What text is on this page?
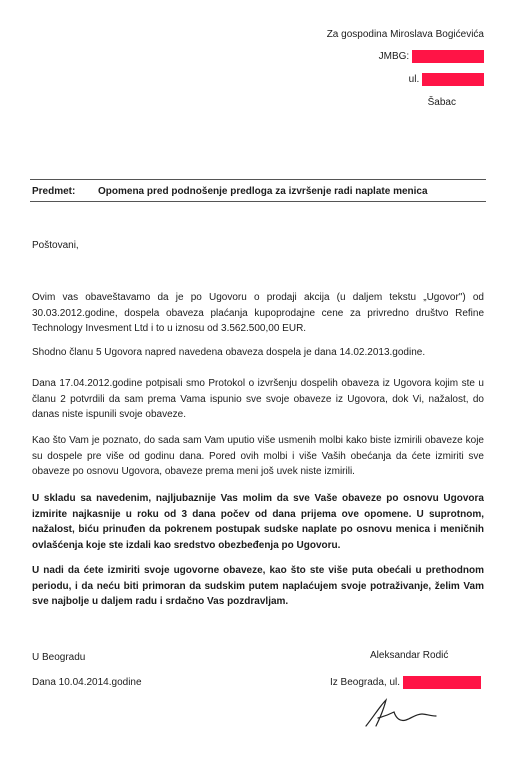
Za gospodina Miroslava Bogićevića
JMBG:
ul.
Šabac
Predmet: Opomena pred podnošenje predloga za izvršenje radi naplate menica
Poštovani,
Ovim vas obaveštavamo da je po Ugovoru o prodaji akcija (u daljem tekstu „Ugovor") od 30.03.2012.godine, dospela obaveza plaćanja kupoprodajne cene za privredno društvo Refine Technology Invesment Ltd i to u iznosu od 3.562.500,00 EUR.
Shodno članu 5 Ugovora napred navedena obaveza dospela je dana 14.02.2013.godine.
Dana 17.04.2012.godine potpisali smo Protokol o izvršenju dospelih obaveza iz Ugovora kojim ste u članu 2 potvrdili da sam prema Vama ispunio sve svoje obaveze iz Ugovora, dok Vi, nažalost, do danas niste ispunili svoje obaveze.
Kao što Vam je poznato, do sada sam Vam uputio više usmenih molbi kako biste izmirili obaveze koje su dospele pre više od godinu dana. Pored ovih molbi i više Vaših obećanja da ćete izmiriti sve obaveze po osnovu Ugovora, obaveze prema meni još uvek niste izmirili.
U skladu sa navedenim, najljubaznije Vas molim da sve Vaše obaveze po osnovu Ugovora izmirite najkasnije u roku od 3 dana počev od dana prijema ove opomene. U suprotnom, nažalost, biću prinuđen da pokrenem postupak sudske naplate po osnovu menica i meničnih ovlašćenja koje ste izdali kao sredstvo obezbeđenja po Ugovoru.
U nadi da ćete izmiriti svoje ugovorne obaveze, kao što ste više puta obećali u prethodnom periodu, i da neću biti primoran da sudskim putem naplaćujem svoje potraživanje, želim Vam sve najbolje u daljem radu i srdačno Vas pozdravljam.
U Beogradu	Aleksandar Rodić
Dana 10.04.2014.godine	Iz Beograda, ul.
